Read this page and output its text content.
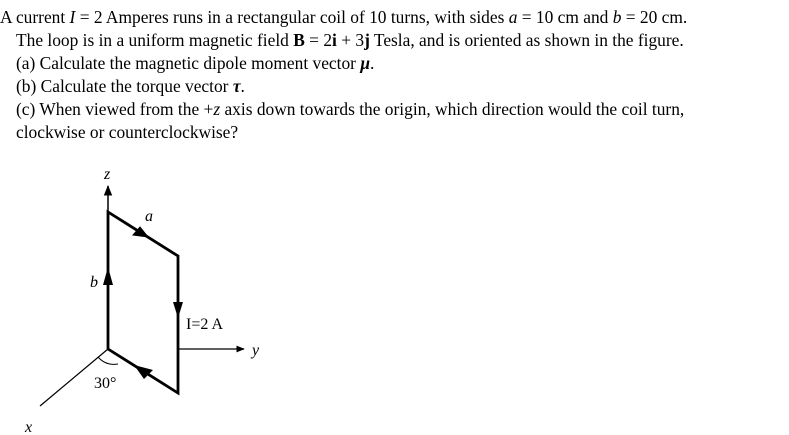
A current I = 2 Amperes runs in a rectangular coil of 10 turns, with sides a = 10 cm and b = 20 cm.
The loop is in a uniform magnetic field B = 2i + 3j Tesla, and is oriented as shown in the figure.
(a) Calculate the magnetic dipole moment vector μ.
(b) Calculate the torque vector τ.
(c) When viewed from the +z axis down towards the origin, which direction would the coil turn,
clockwise or counterclockwise?
z
y
x
a
b
I=2 A
30°
